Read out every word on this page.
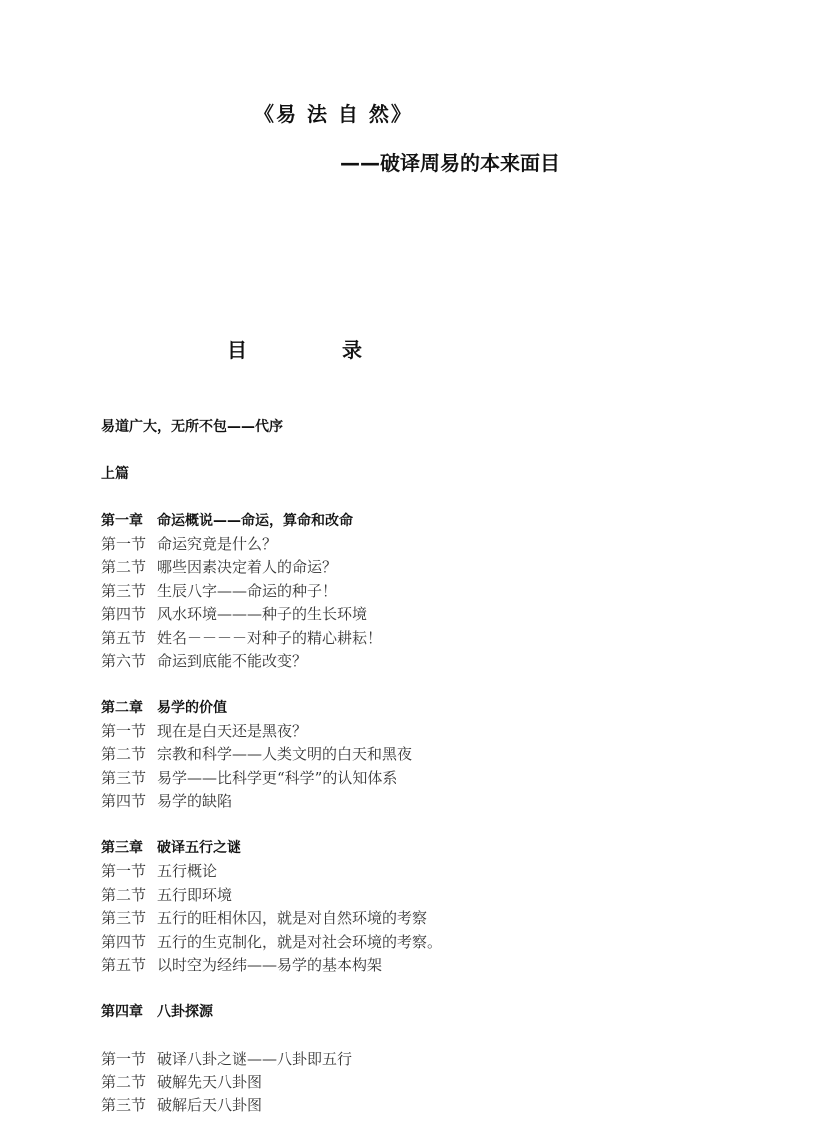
《易 法 自 然》
——破译周易的本来面目
目	录
易道广大，无所不包——代序
上篇
第一章 命运概说——命运，算命和改命
第一节 命运究竟是什么？
第二节 哪些因素决定着人的命运？
第三节 生辰八字——命运的种子！
第四节 风水环境———种子的生长环境
第五节 姓名－－－－对种子的精心耕耘！
第六节 命运到底能不能改变？
第二章 易学的价值
第一节 现在是白天还是黑夜？
第二节 宗教和科学——人类文明的白天和黑夜
第三节 易学——比科学更“科学”的认知体系
第四节 易学的缺陷
第三章 破译五行之谜
第一节 五行概论
第二节 五行即环境
第三节 五行的旺相休囚，就是对自然环境的考察
第四节 五行的生克制化，就是对社会环境的考察。
第五节 以时空为经纬——易学的基本构架
第四章 八卦探源
第一节 破译八卦之谜——八卦即五行
第二节 破解先天八卦图
第三节 破解后天八卦图
